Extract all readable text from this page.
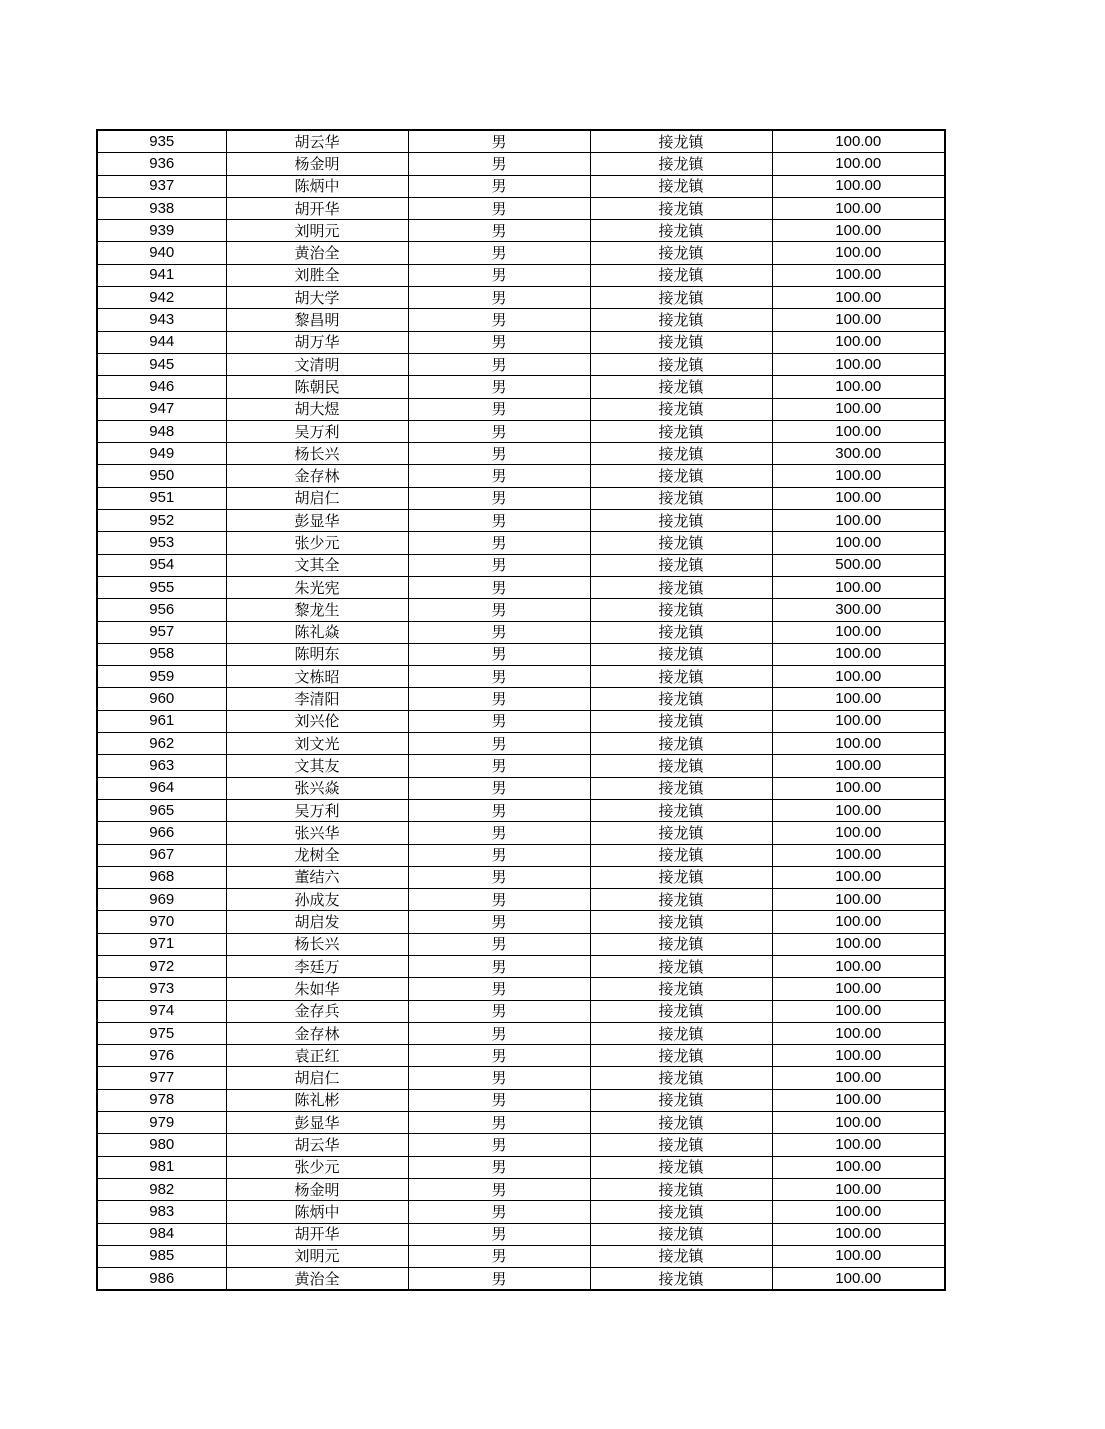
935	胡云华	男	接龙镇	100.00
936	杨金明	男	接龙镇	100.00
937	陈炳中	男	接龙镇	100.00
938	胡开华	男	接龙镇	100.00
939	刘明元	男	接龙镇	100.00
940	黄治全	男	接龙镇	100.00
941	刘胜全	男	接龙镇	100.00
942	胡大学	男	接龙镇	100.00
943	黎昌明	男	接龙镇	100.00
944	胡万华	男	接龙镇	100.00
945	文清明	男	接龙镇	100.00
946	陈朝民	男	接龙镇	100.00
947	胡大煜	男	接龙镇	100.00
948	吴万利	男	接龙镇	100.00
949	杨长兴	男	接龙镇	300.00
950	金存林	男	接龙镇	100.00
951	胡启仁	男	接龙镇	100.00
952	彭显华	男	接龙镇	100.00
953	张少元	男	接龙镇	100.00
954	文其全	男	接龙镇	500.00
955	朱光宪	男	接龙镇	100.00
956	黎龙生	男	接龙镇	300.00
957	陈礼焱	男	接龙镇	100.00
958	陈明东	男	接龙镇	100.00
959	文栋昭	男	接龙镇	100.00
960	李清阳	男	接龙镇	100.00
961	刘兴伦	男	接龙镇	100.00
962	刘文光	男	接龙镇	100.00
963	文其友	男	接龙镇	100.00
964	张兴焱	男	接龙镇	100.00
965	吴万利	男	接龙镇	100.00
966	张兴华	男	接龙镇	100.00
967	龙树全	男	接龙镇	100.00
968	董结六	男	接龙镇	100.00
969	孙成友	男	接龙镇	100.00
970	胡启发	男	接龙镇	100.00
971	杨长兴	男	接龙镇	100.00
972	李廷万	男	接龙镇	100.00
973	朱如华	男	接龙镇	100.00
974	金存兵	男	接龙镇	100.00
975	金存林	男	接龙镇	100.00
976	袁正红	男	接龙镇	100.00
977	胡启仁	男	接龙镇	100.00
978	陈礼彬	男	接龙镇	100.00
979	彭显华	男	接龙镇	100.00
980	胡云华	男	接龙镇	100.00
981	张少元	男	接龙镇	100.00
982	杨金明	男	接龙镇	100.00
983	陈炳中	男	接龙镇	100.00
984	胡开华	男	接龙镇	100.00
985	刘明元	男	接龙镇	100.00
986	黄治全	男	接龙镇	100.00
